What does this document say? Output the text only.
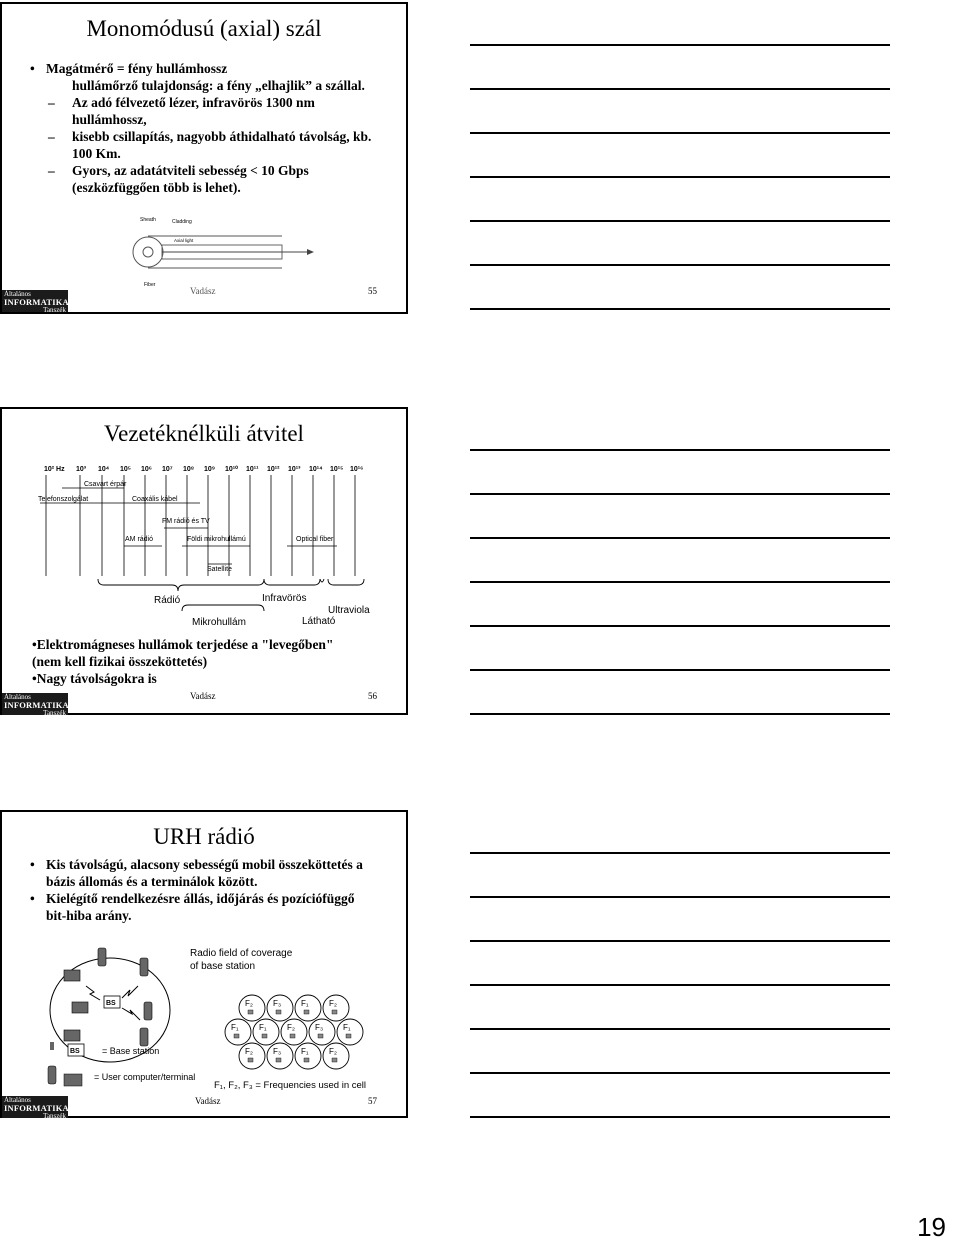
Monomódusú (axial) szál
• Magátmérő = fény hullámhossz
hullámőrző tulajdonság: a fény „elhajlik” a szállal.
– Az adó félvezető lézer, infravörös 1300 nm
hullámhossz,
– kisebb csillapítás, nagyobb áthidalható távolság, kb.
100 Km.
– Gyors, az adatátviteli sebesség < 10 Gbps
(eszközfüggően több is lehet).
Sheath	Cladding
Axial light
Fiber
Vadász	55
Általános
INFORMATIKAI
Tanszék
Vezetéknélküli átvitel
10² Hz 10³ 10⁴ 10⁵ 10⁶ 10⁷ 10⁸ 10⁹ 10¹⁰ 10¹¹ 10¹² 10¹³ 10¹⁴ 10¹⁵ 10¹⁶
Csavart érpár
Telefonszolgálat	Coaxális kábel
FM rádió és TV
AM rádió	Földi mikrohullámú	Optical fiber
Satellite
Rádió
Mikrohullám
Infravörös
Látható
Ultraviola
•Elektromágneses hullámok terjedése a "levegőben"
(nem kell fizikai összeköttetés)
•Nagy távolságokra is
Vadász	56
Általános
INFORMATIKAI
Tanszék
URH rádió
• Kis távolságú, alacsony sebességű mobil összeköttetés a
bázis állomás és a terminálok között.
• Kielégítő rendelkezésre állás, időjárás és pozíciófüggő
bit-hiba arány.
BS
Radio field of coverage
of base station
F₂	F₃ F₁	F₂
F₁	F₁	F₂	F₃ F₁
F₂	F₃ F₁	F₂
BS = Base station
= User computer/terminal
F₁, F₂, F₃ = Frequencies used in cell
Vadász	57
Általános
INFORMATIKAI
Tanszék
19
